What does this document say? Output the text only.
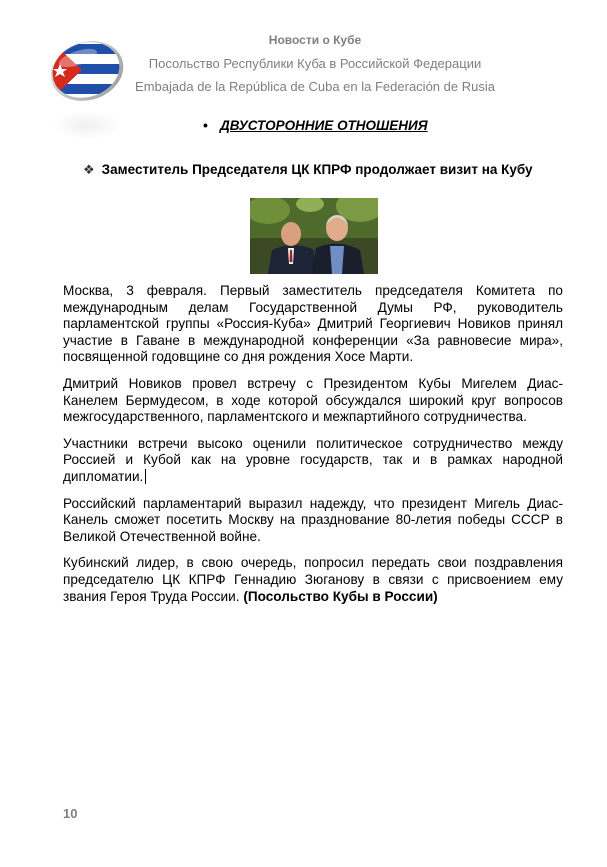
Новости о Кубе
Посольство Республики Куба в Российской Федерации
Embajada de la República de Cuba en la Federación de Rusia
• ДВУСТОРОННИЕ ОТНОШЕНИЯ
❖ Заместитель Председателя ЦК КПРФ продолжает визит на Кубу

Москва, 3 февраля. Первый заместитель председателя Комитета по международным делам Государственной Думы РФ, руководитель парламентской группы «Россия-Куба» Дмитрий Георгиевич Новиков принял участие в Гаване в международной конференции «За равновесие мира», посвященной годовщине со дня рождения Хосе Марти.

Дмитрий Новиков провел встречу с Президентом Кубы Мигелем Диас-Канелем Бермудесом, в ходе которой обсуждался широкий круг вопросов межгосударственного, парламентского и межпартийного сотрудничества.

Участники встречи высоко оценили политическое сотрудничество между Россией и Кубой как на уровне государств, так и в рамках народной дипломатии.

Российский парламентарий выразил надежду, что президент Мигель Диас-Канель сможет посетить Москву на празднование 80-летия победы СССР в Великой Отечественной войне.

Кубинский лидер, в свою очередь, попросил передать свои поздравления председателю ЦК КПРФ Геннадию Зюганову в связи с присвоением ему звания Героя Труда России. (Посольство Кубы в России)

10
